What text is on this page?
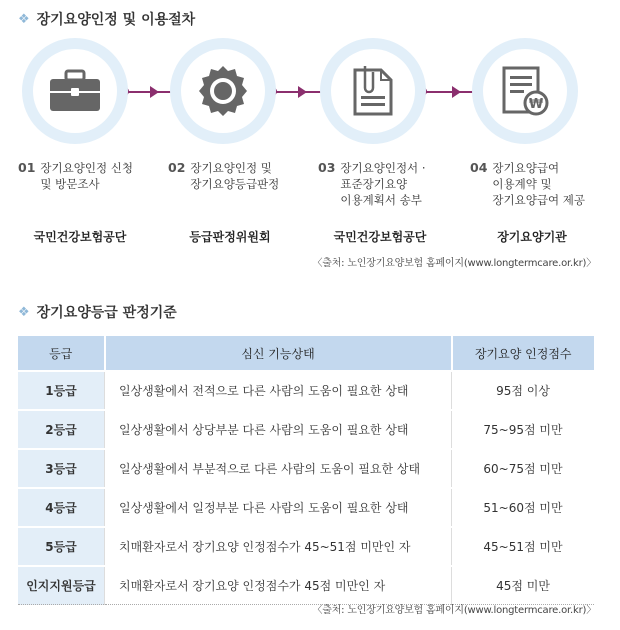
❖ 장기요양인정 및 이용절차
₩
01 장기요양인정 신청
및 방문조사
02 장기요양인정 및
장기요양등급판정
03 장기요양인정서 ·
표준장기요양
이용계획서 송부
04 장기요양급여
이용계약 및
장기요양급여 제공
국민건강보험공단	등급판정위원회	국민건강보험공단	장기요양기관
〈출처: 노인장기요양보험 홈페이지(www.longtermcare.or.kr)〉
❖ 장기요양등급 판정기준
등급	심신 기능상태	장기요양 인정점수
1등급	일상생활에서 전적으로 다른 사람의 도움이 필요한 상태	95점 이상
2등급	일상생활에서 상당부분 다른 사람의 도움이 필요한 상태	75~95점 미만
3등급	일상생활에서 부분적으로 다른 사람의 도움이 필요한 상태	60~75점 미만
4등급	일상생활에서 일정부분 다른 사람의 도움이 필요한 상태	51~60점 미만
5등급	치매환자로서 장기요양 인정점수가 45~51점 미만인 자	45~51점 미만
인지지원등급	치매환자로서 장기요양 인정점수가 45점 미만인 자	45점 미만
〈출처: 노인장기요양보험 홈페이지(www.longtermcare.or.kr)〉
